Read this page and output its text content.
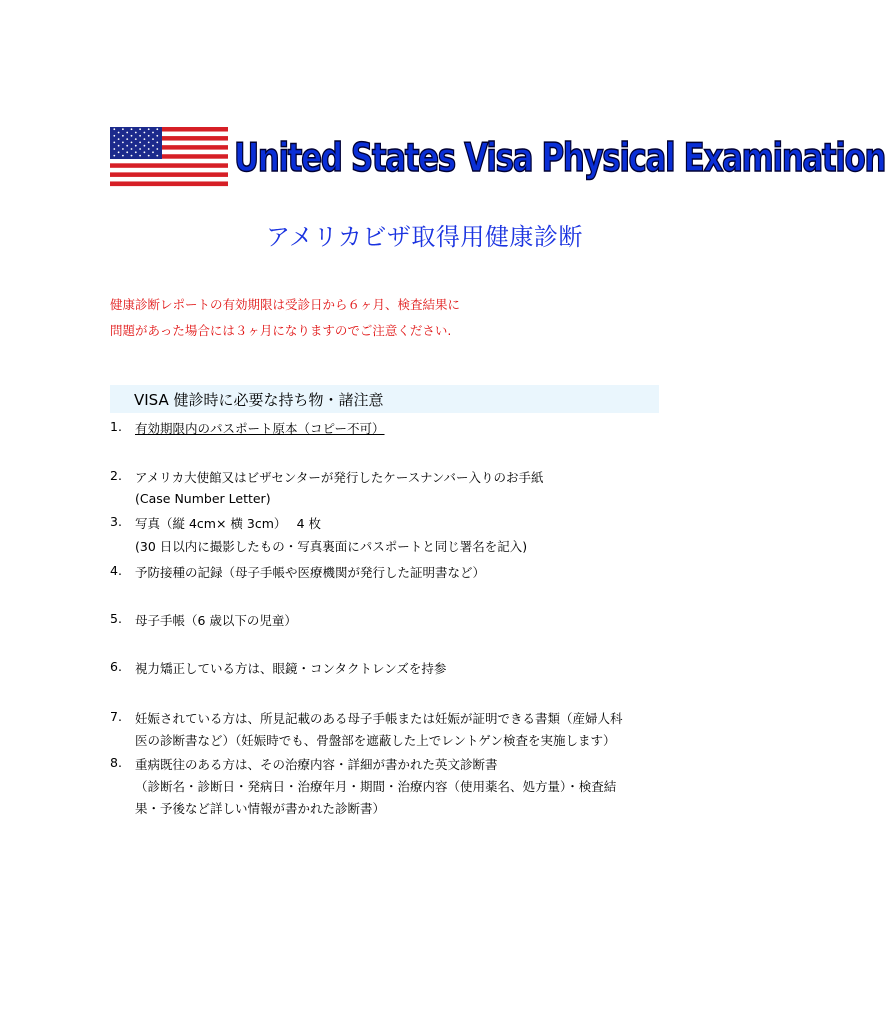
United States Visa Physical Examination
アメリカビザ取得用健康診断
健康診断レポートの有効期限は受診日から６ヶ月、検査結果に
問題があった場合には３ヶ月になりますのでご注意ください.
VISA 健診時に必要な持ち物・諸注意
1. 有効期限内のパスポート原本（コピー不可）
2. アメリカ大使館又はビザセンターが発行したケースナンバー入りのお手紙
(Case Number Letter)
3. 写真（縦 4cm× 横 3cm）　 4 枚
(30 日以内に撮影したもの・写真裏面にパスポートと同じ署名を記入)
4. 予防接種の記録（母子手帳や医療機関が発行した証明書など）
5. 母子手帳（6 歳以下の児童）
6. 視力矯正している方は、眼鏡・コンタクトレンズを持参
7. 妊娠されている方は、所見記載のある母子手帳または妊娠が証明できる書類（産婦人科
医の診断書など）（妊娠時でも、骨盤部を遮蔽した上でレントゲン検査を実施します）
8. 重病既往のある方は、その治療内容・詳細が書かれた英文診断書
（診断名・診断日・発病日・治療年月・期間・治療内容（使用薬名、処方量）・検査結
果・予後など詳しい情報が書かれた診断書）
